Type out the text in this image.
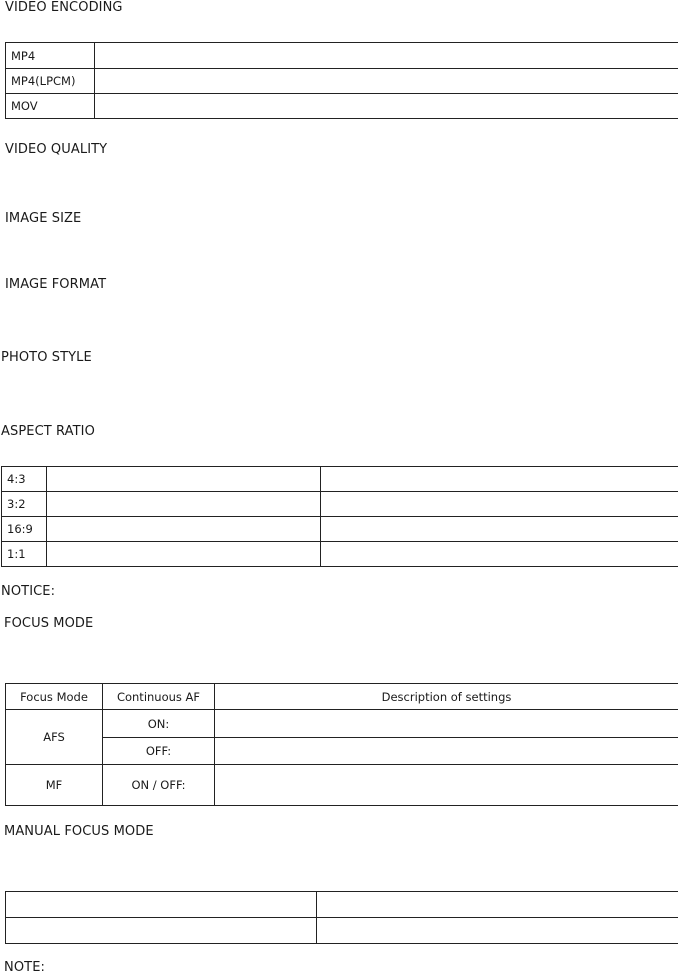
VIDEO ENCODING
MP4	
MP4(LPCM)	
MOV	
VIDEO QUALITY
IMAGE SIZE
IMAGE FORMAT
PHOTO STYLE
ASPECT RATIO
4:3		
3:2		
16:9		
1:1		
NOTICE:
FOCUS MODE
Focus Mode	Continuous AF	Description of settings
AFS	ON:	
	OFF:	
MF	ON / OFF:	
MANUAL FOCUS MODE

NOTE:
